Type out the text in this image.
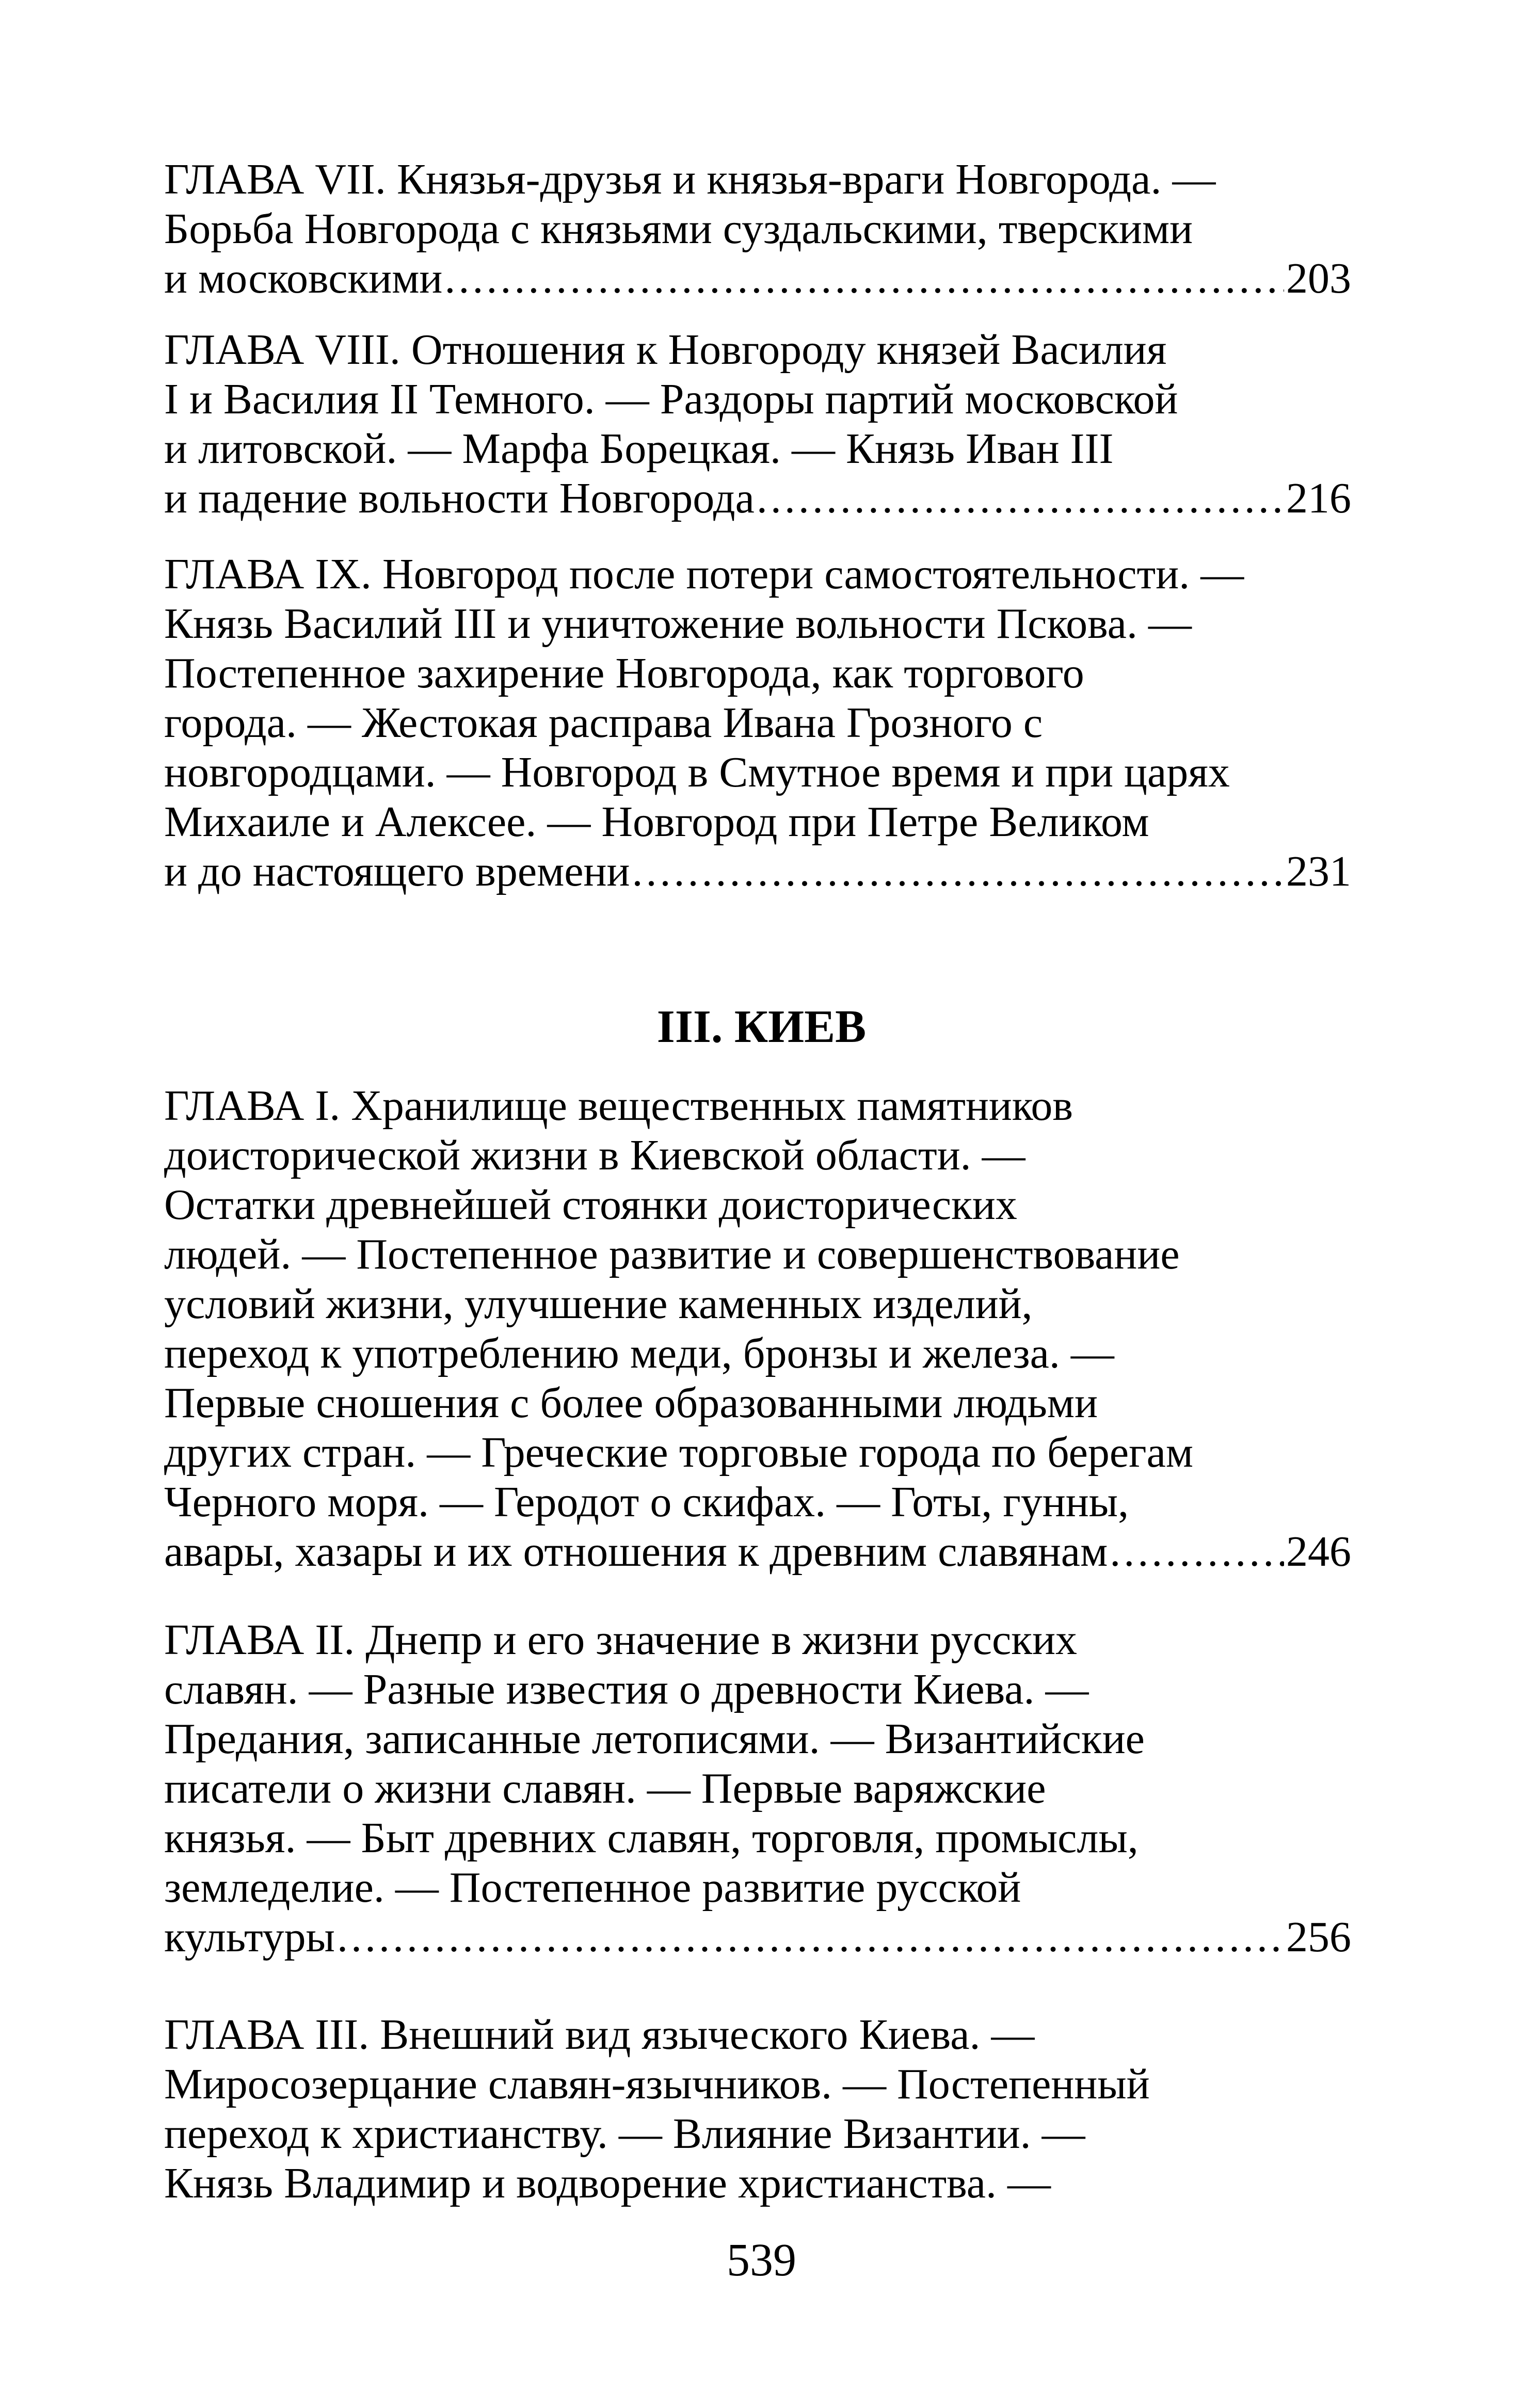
ГЛАВА VII. Князья-друзья и князья-враги Новгорода. —
Борьба Новгорода с князьями суздальскими, тверскими
и московскими .....	203
ГЛАВА VIII. Отношения к Новгороду князей Василия
I и Василия II Темного. — Раздоры партий московской
и литовской. — Марфа Борецкая. — Князь Иван III
и падение вольности Новгорода .....	216
ГЛАВА IX. Новгород после потери самостоятельности. —
Князь Василий III и уничтожение вольности Пскова. —
Постепенное захирение Новгорода, как торгового
города. — Жестокая расправа Ивана Грозного с
новгородцами. — Новгород в Смутное время и при царях
Михаиле и Алексее. — Новгород при Петре Великом
и до настоящего времени .....	231
III. КИЕВ
ГЛАВА I. Хранилище вещественных памятников
доисторической жизни в Киевской области. —
Остатки древнейшей стоянки доисторических
людей. — Постепенное развитие и совершенствование
условий жизни, улучшение каменных изделий,
переход к употреблению меди, бронзы и железа. —
Первые сношения с более образованными людьми
других стран. — Греческие торговые города по берегам
Черного моря. — Геродот о скифах. — Готы, гунны,
авары, хазары и их отношения к древним славянам .....	246
ГЛАВА II. Днепр и его значение в жизни русских
славян. — Разные известия о древности Киева. —
Предания, записанные летописями. — Византийские
писатели о жизни славян. — Первые варяжские
князья. — Быт древних славян, торговля, промыслы,
земледелие. — Постепенное развитие русской
культуры .....	256
ГЛАВА III. Внешний вид языческого Киева. —
Миросозерцание славян-язычников. — Постепенный
переход к христианству. — Влияние Византии. —
Князь Владимир и водворение христианства. —
539
